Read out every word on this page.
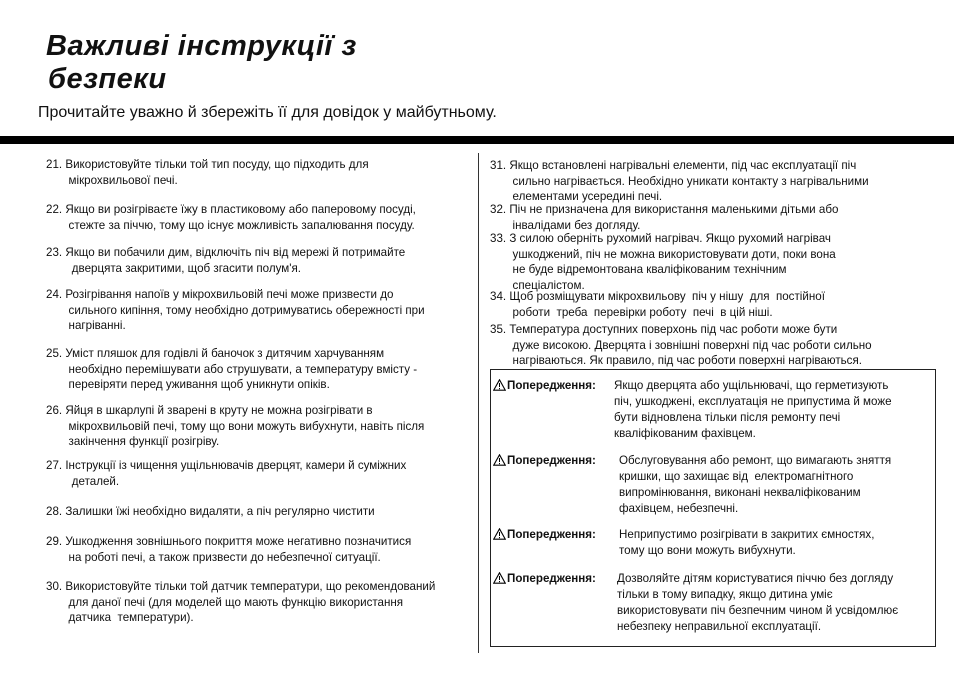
Важливі інструкції з
безпеки
Прочитайте уважно й збережіть її для довідок у майбутньому.
21. Використовуйте тільки той тип посуду, що підходить для
мікрохвильової печі.
22. Якщо ви розігріваєте їжу в пластиковому або паперовому посуді,
стежте за піччю, тому що існує можливість запалювання посуду.
23. Якщо ви побачили дим, відключіть піч від мережі й потримайте
дверцята закритими, щоб згасити полум'я.
24. Розігрівання напоїв у мікрохвильовій печі може призвести до
сильного кипіння, тому необхідно дотримуватись обережності при
нагріванні.
25. Уміст пляшок для годівлі й баночок з дитячим харчуванням
необхідно перемішувати або струшувати, а температуру вмісту -
перевіряти перед уживання щоб уникнути опіків.
26. Яйця в шкарлупі й зварені в круту не можна розігрівати в
мікрохвильовій печі, тому що вони можуть вибухнути, навіть після
закінчення функції розігріву.
27. Інструкції із чищення ущільнювачів дверцят, камери й суміжних
деталей.
28. Залишки їжі необхідно видаляти, а піч регулярно чистити
29. Ушкодження зовнішнього покриття може негативно позначитися
на роботі печі, а також призвести до небезпечної ситуації.
30. Використовуйте тільки той датчик температури, що рекомендований
для даної печі (для моделей що мають функцію використання
датчика  температури).
31. Якщо встановлені нагрівальні елементи, під час експлуатації піч
сильно нагрівається. Необхідно уникати контакту з нагрівальними
елементами усередині печі.
32. Піч не призначена для використання маленькими дітьми або
інвалідами без догляду.
33. З силою оберніть рухомий нагрівач. Якщо рухомий нагрівач
ушкоджений, піч не можна використовувати доти, поки вона
не буде відремонтована кваліфікованим технічним
спеціалістом.
34. Щоб розміщувати мікрохвильову  піч у нішу  для  постійної
роботи  треба  перевірки роботу  печі  в цій ніші.
35. Температура доступних поверхонь під час роботи може бути
дуже високою. Дверцята і зовнішні поверхні під час роботи сильно
нагріваються. Як правило, під час роботи поверхні нагріваються.
Попередження: Якщо дверцята або ущільнювачі, що герметизують
піч, ушкоджені, експлуатація не припустима й може
бути відновлена тільки після ремонту печі
кваліфікованим фахівцем.
Попередження: Обслуговування або ремонт, що вимагають зняття
кришки, що захищає від  електромагнітного
випромінювання, виконані некваліфікованим
фахівцем, небезпечні.
Попередження: Неприпустимо розігрівати в закритих ємностях,
тому що вони можуть вибухнути.
Попередження: Дозволяйте дітям користуватися піччю без догляду
тільки в тому випадку, якщо дитина уміє
використовувати піч безпечним чином й усвідомлює
небезпеку неправильної експлуатації.
